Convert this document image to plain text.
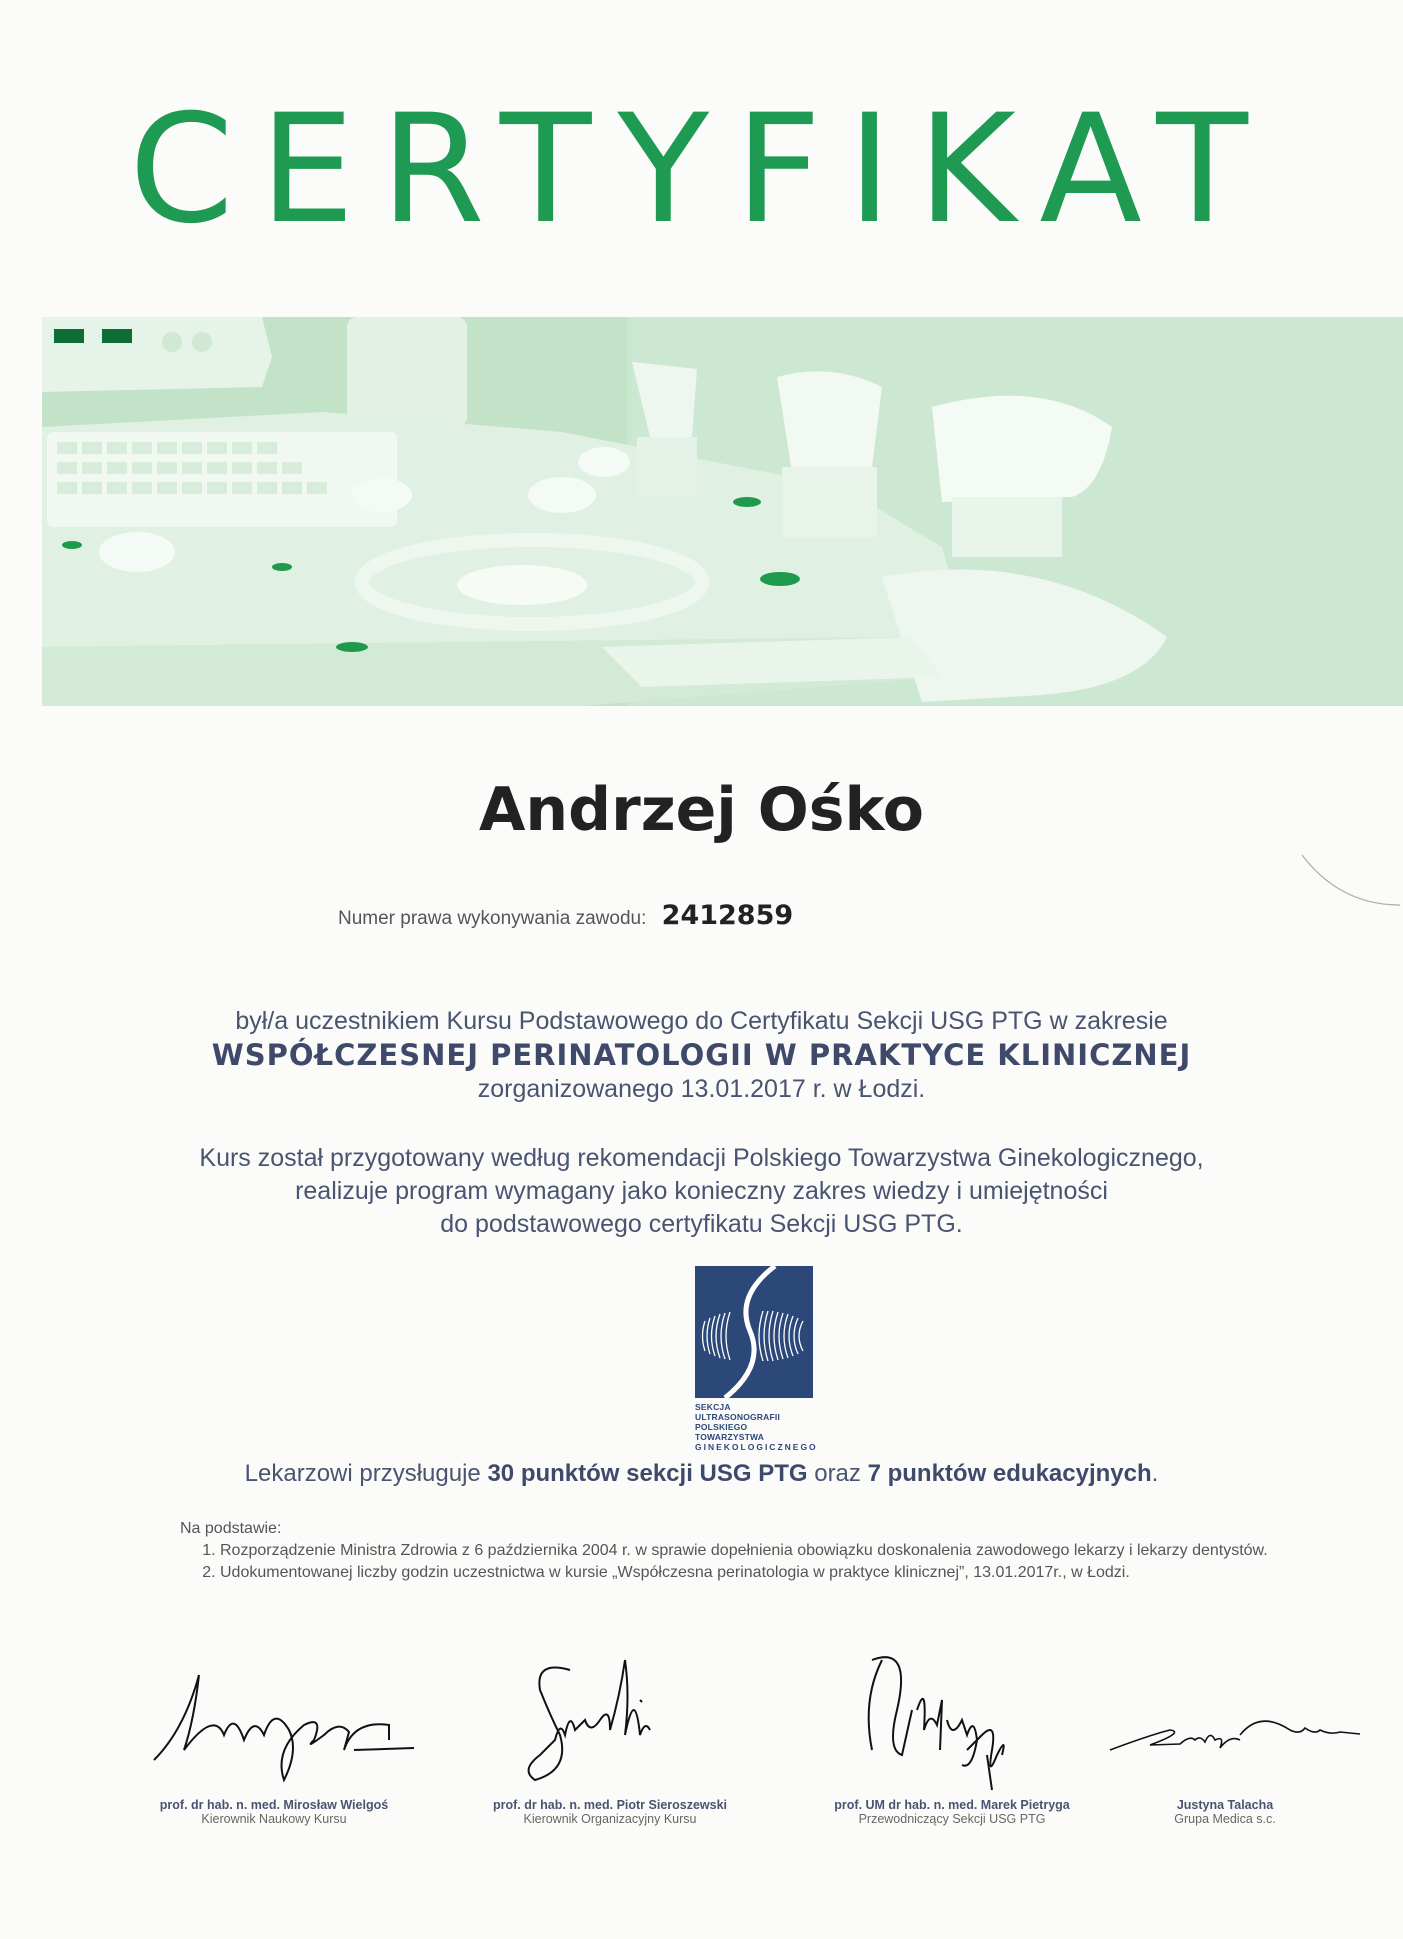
CERTYFIKAT
Andrzej Ośko
Numer prawa wykonywania zawodu: 2412859
był/a uczestnikiem Kursu Podstawowego do Certyfikatu Sekcji USG PTG w zakresie
WSPÓŁCZESNEJ PERINATOLOGII W PRAKTYCE KLINICZNEJ
zorganizowanego 13.01.2017 r. w Łodzi.
Kurs został przygotowany według rekomendacji Polskiego Towarzystwa Ginekologicznego,
realizuje program wymagany jako konieczny zakres wiedzy i umiejętności
do podstawowego certyfikatu Sekcji USG PTG.
SEKCJA ULTRASONOGRAFII
POLSKIEGO TOWARZYSTWA
GINEKOLOGICZNEGO
Lekarzowi przysługuje 30 punktów sekcji USG PTG oraz 7 punktów edukacyjnych.
Na podstawie:
1. Rozporządzenie Ministra Zdrowia z 6 października 2004 r. w sprawie dopełnienia obowiązku doskonalenia zawodowego lekarzy i lekarzy dentystów.
2. Udokumentowanej liczby godzin uczestnictwa w kursie „Współczesna perinatologia w praktyce klinicznej”, 13.01.2017r., w Łodzi.
prof. dr hab. n. med. Mirosław Wielgoś
Kierownik Naukowy Kursu
prof. dr hab. n. med. Piotr Sieroszewski
Kierownik Organizacyjny Kursu
prof. UM dr hab. n. med. Marek Pietryga
Przewodniczący Sekcji USG PTG
Justyna Talacha
Grupa Medica s.c.
